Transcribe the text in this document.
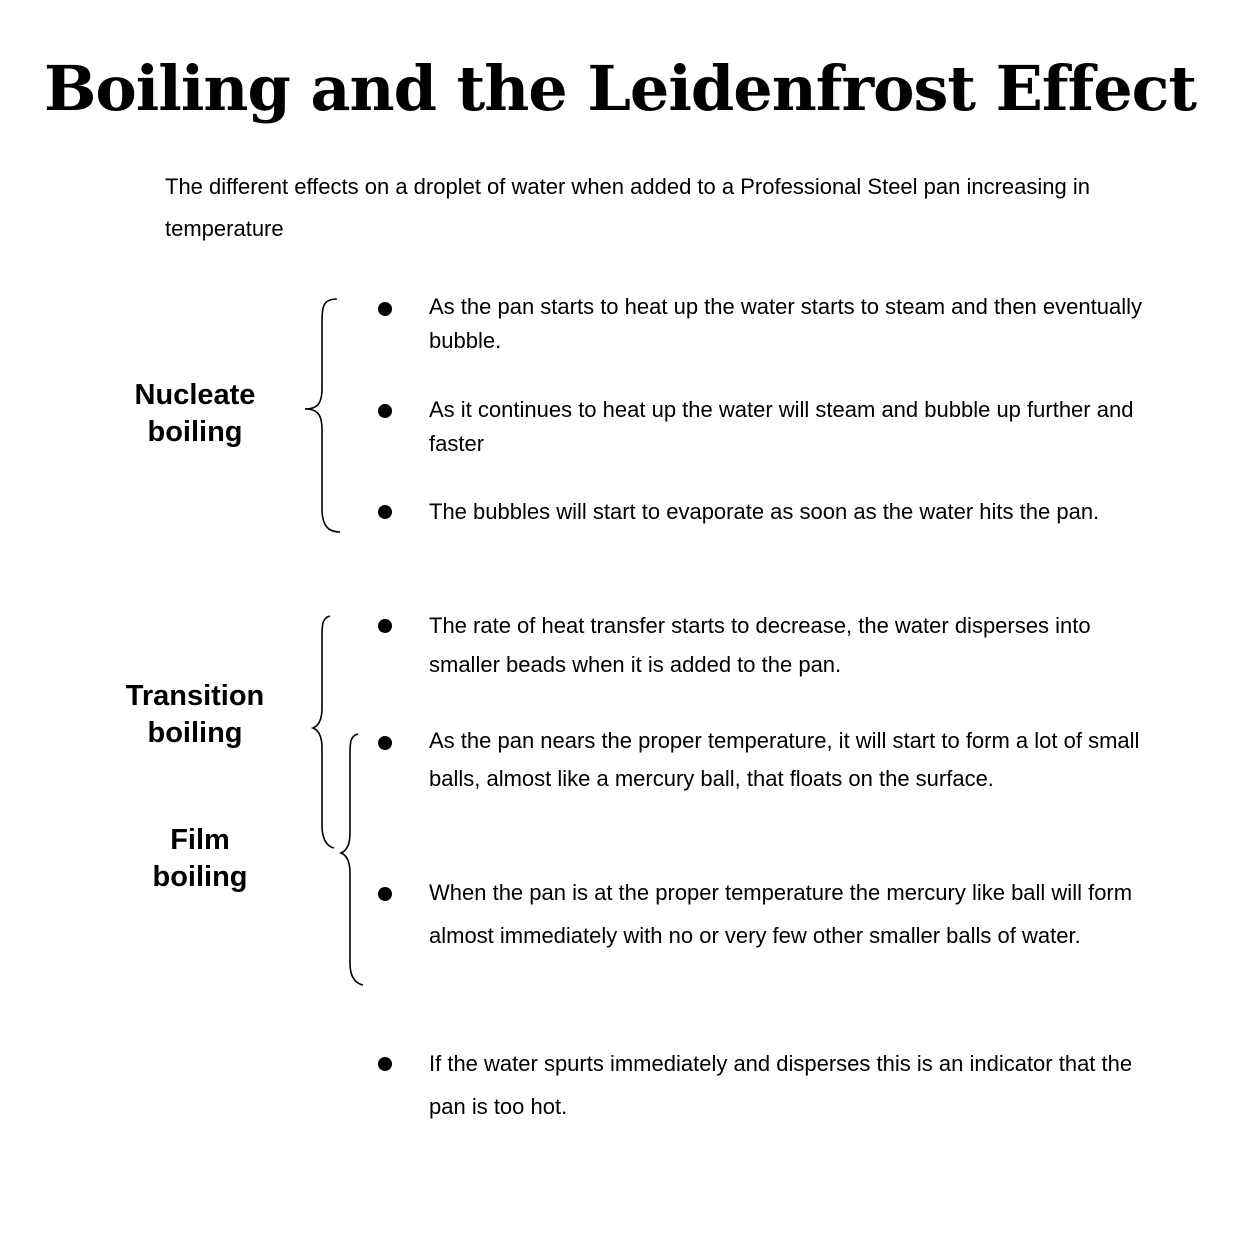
Boiling and the Leidenfrost Effect
The different effects on a droplet of water when added to a Professional Steel pan increasing in temperature
Nucleate
boiling
Transition
boiling
Film
boiling
As the pan starts to heat up the water starts to steam and then eventually bubble.
As it continues to heat up the water will steam and bubble up further and faster
The bubbles will start to evaporate as soon as the water hits the pan.
The rate of heat transfer starts to decrease, the water disperses into smaller beads when it is added to the pan.
As the pan nears the proper temperature, it will start to form a lot of small balls, almost like a mercury ball, that floats on the surface.
When the pan is at the proper temperature the mercury like ball will form almost immediately with no or very few other smaller balls of water.
If the water spurts immediately and disperses this is an indicator that the pan is too hot.
